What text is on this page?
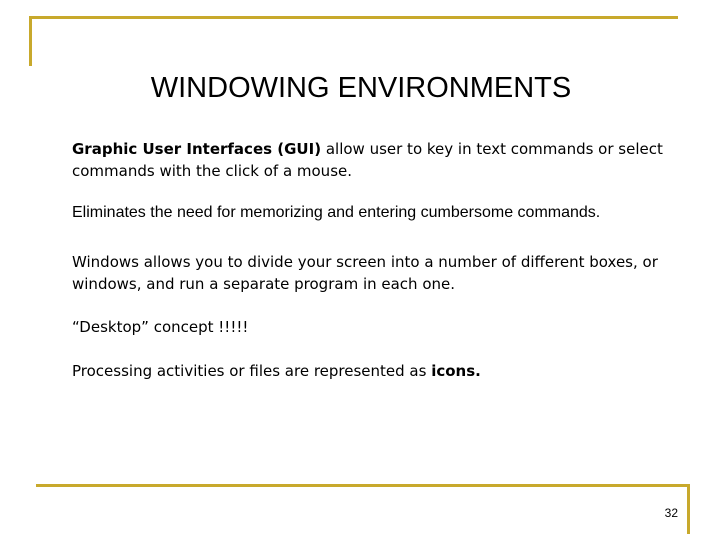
WINDOWING ENVIRONMENTS

Graphic User Interfaces (GUI) allow user to key in text commands or select commands with the click of a mouse.

Eliminates the need for memorizing and entering cumbersome commands.

Windows allows you to divide your screen into a number of different boxes, or windows, and run a separate program in each one.

“Desktop” concept !!!!!

Processing activities or files are represented as icons.

32
